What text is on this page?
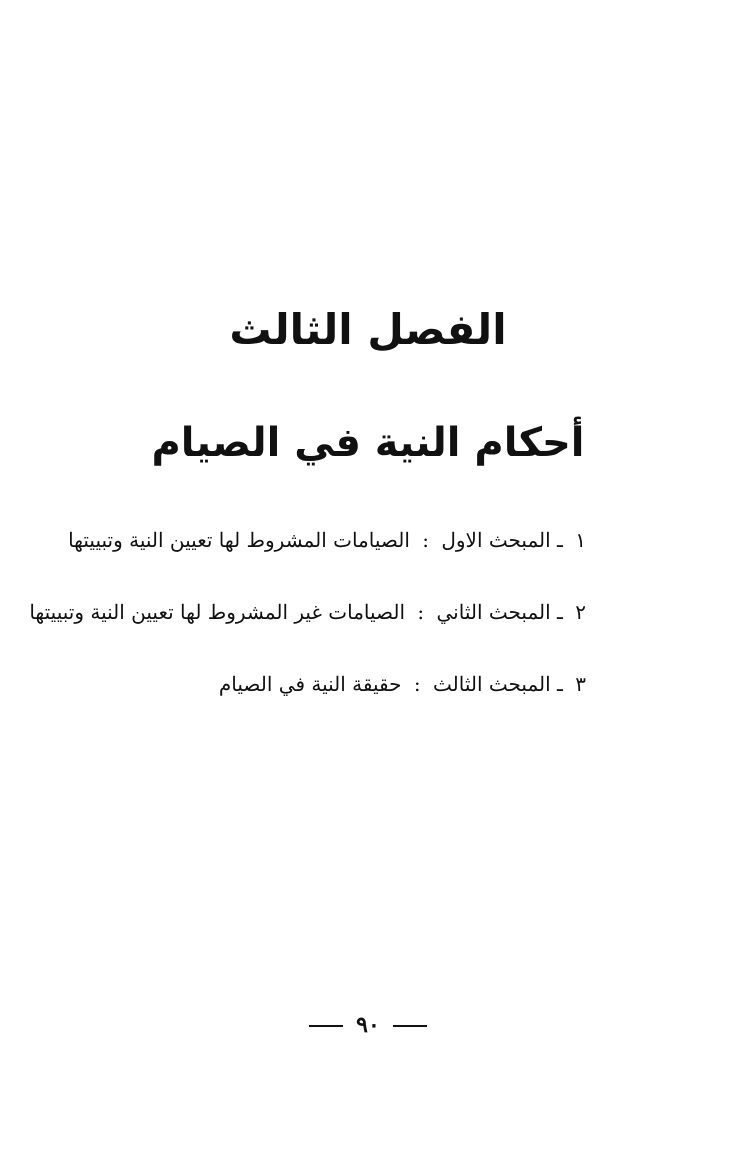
الفصل الثالث
أحكام النية في الصيام
١ ـ المبحث الاول : الصيامات المشروط لها تعيين النية وتبييتها
٢ ـ المبحث الثاني : الصيامات غير المشروط لها تعيين النية وتبييتها
٣ ـ المبحث الثالث : حقيقة النية في الصيام
٩٠
